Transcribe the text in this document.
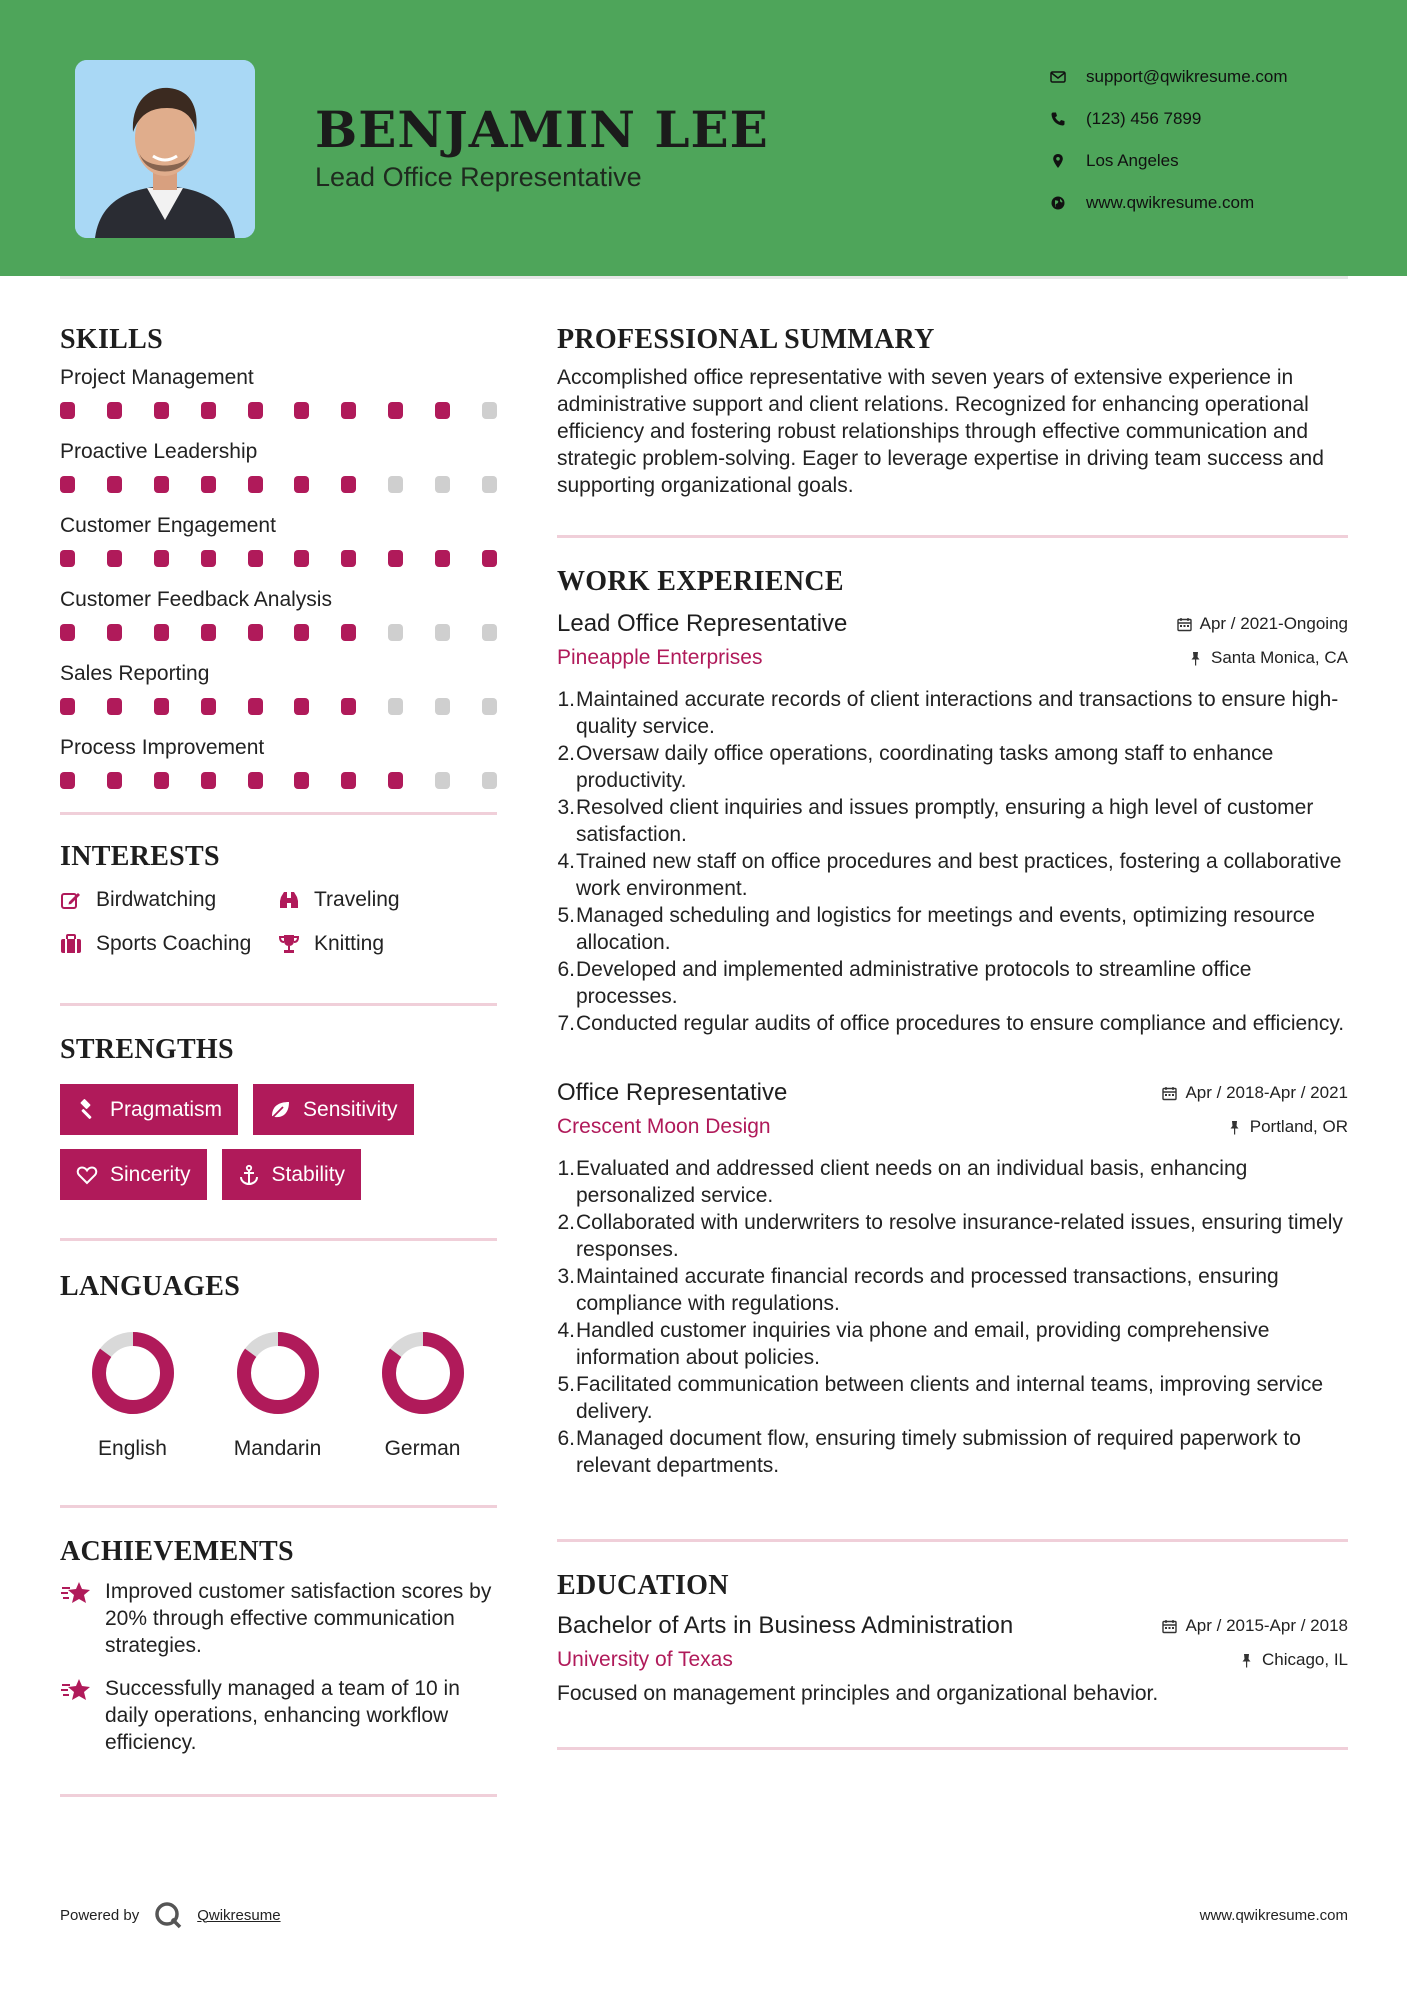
BENJAMIN LEE
Lead Office Representative
support@qwikresume.com
(123) 456 7899
Los Angeles
www.qwikresume.com
SKILLS
Project Management
Proactive Leadership
Customer Engagement
Customer Feedback Analysis
Sales Reporting
Process Improvement
INTERESTS
Birdwatching	Traveling
Sports Coaching	Knitting
STRENGTHS
Pragmatism	Sensitivity
Sincerity	Stability
LANGUAGES
English	Mandarin	German
ACHIEVEMENTS
Improved customer satisfaction scores by 20% through effective communication strategies.
Successfully managed a team of 10 in daily operations, enhancing workflow efficiency.
PROFESSIONAL SUMMARY
Accomplished office representative with seven years of extensive experience in administrative support and client relations. Recognized for enhancing operational efficiency and fostering robust relationships through effective communication and strategic problem-solving. Eager to leverage expertise in driving team success and supporting organizational goals.
WORK EXPERIENCE
Lead Office Representative	Apr / 2021-Ongoing
Pineapple Enterprises	Santa Monica, CA
1. Maintained accurate records of client interactions and transactions to ensure high-quality service.
2. Oversaw daily office operations, coordinating tasks among staff to enhance productivity.
3. Resolved client inquiries and issues promptly, ensuring a high level of customer satisfaction.
4. Trained new staff on office procedures and best practices, fostering a collaborative work environment.
5. Managed scheduling and logistics for meetings and events, optimizing resource allocation.
6. Developed and implemented administrative protocols to streamline office processes.
7. Conducted regular audits of office procedures to ensure compliance and efficiency.
Office Representative	Apr / 2018-Apr / 2021
Crescent Moon Design	Portland, OR
1. Evaluated and addressed client needs on an individual basis, enhancing personalized service.
2. Collaborated with underwriters to resolve insurance-related issues, ensuring timely responses.
3. Maintained accurate financial records and processed transactions, ensuring compliance with regulations.
4. Handled customer inquiries via phone and email, providing comprehensive information about policies.
5. Facilitated communication between clients and internal teams, improving service delivery.
6. Managed document flow, ensuring timely submission of required paperwork to relevant departments.
EDUCATION
Bachelor of Arts in Business Administration	Apr / 2015-Apr / 2018
University of Texas	Chicago, IL
Focused on management principles and organizational behavior.
Powered by	Qwikresume	www.qwikresume.com
